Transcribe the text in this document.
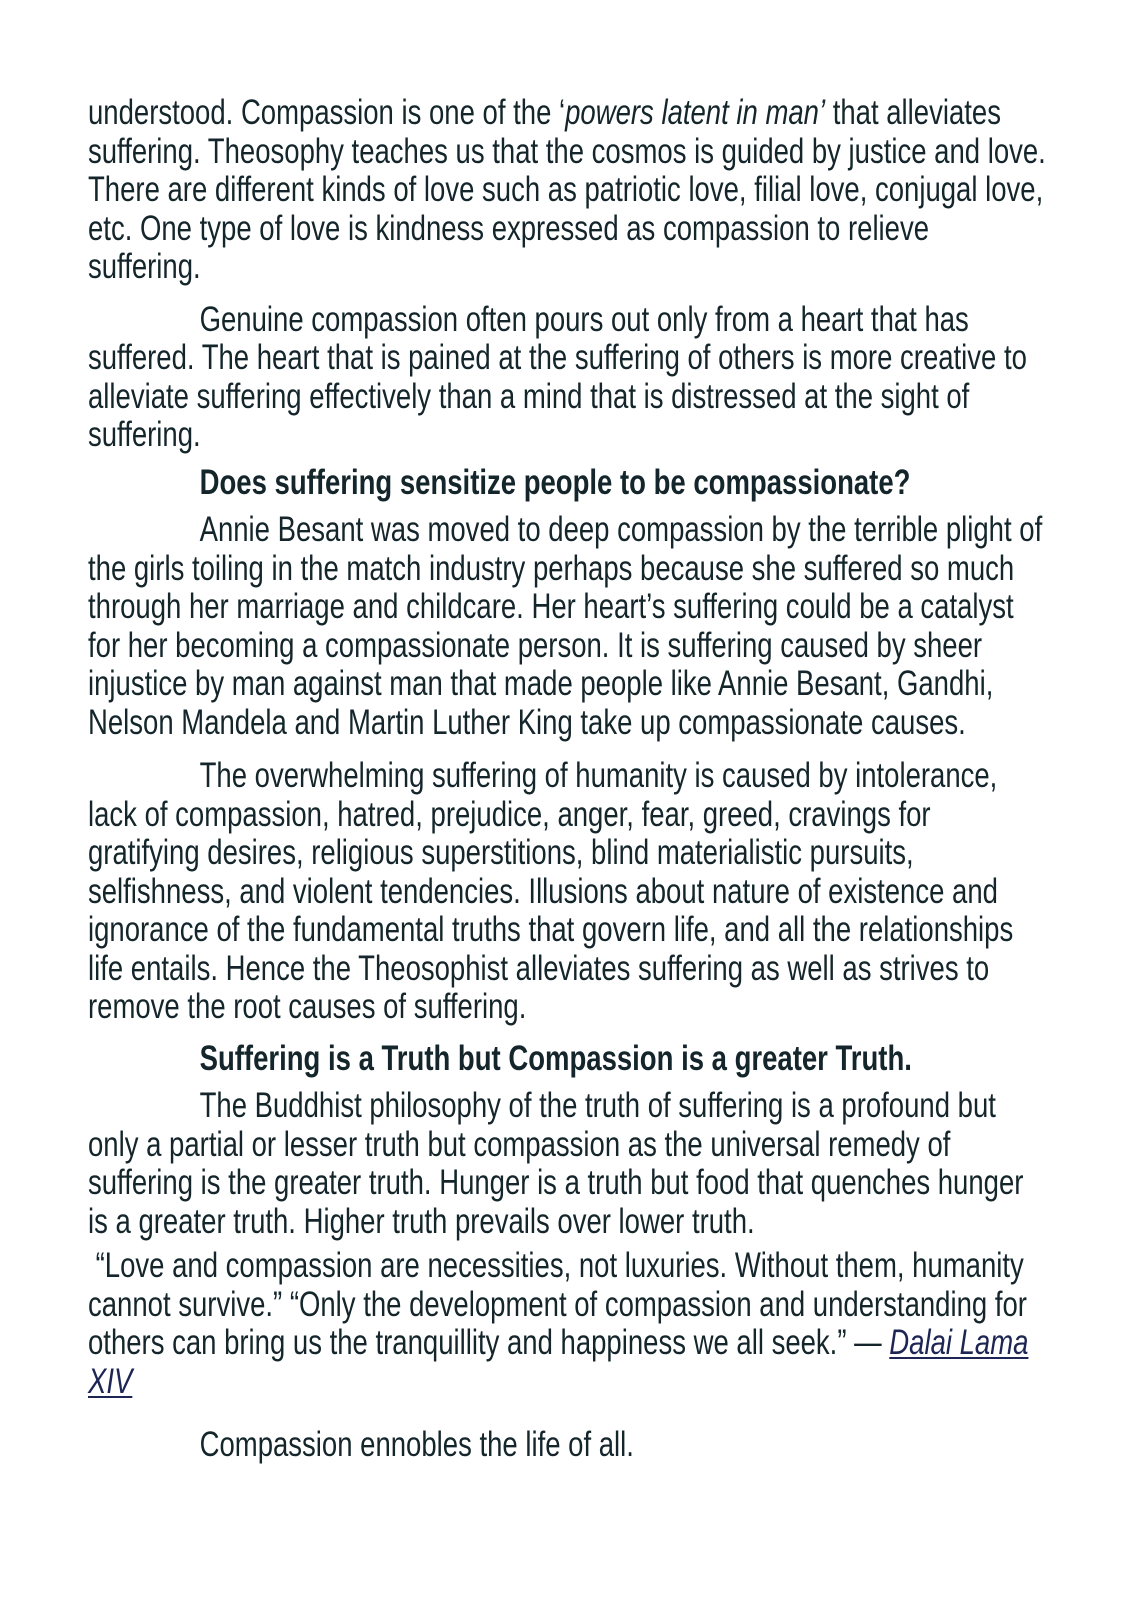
understood. Compassion is one of the ‘powers latent in man’ that alleviates suffering. Theosophy teaches us that the cosmos is guided by justice and love. There are different kinds of love such as patriotic love, filial love, conjugal love, etc. One type of love is kindness expressed as compassion to relieve suffering.

Genuine compassion often pours out only from a heart that has suffered. The heart that is pained at the suffering of others is more creative to alleviate suffering effectively than a mind that is distressed at the sight of suffering.

Does suffering sensitize people to be compassionate?

Annie Besant was moved to deep compassion by the terrible plight of the girls toiling in the match industry perhaps because she suffered so much through her marriage and childcare. Her heart’s suffering could be a catalyst for her becoming a compassionate person. It is suffering caused by sheer injustice by man against man that made people like Annie Besant, Gandhi, Nelson Mandela and Martin Luther King take up compassionate causes.

The overwhelming suffering of humanity is caused by intolerance, lack of compassion, hatred, prejudice, anger, fear, greed, cravings for gratifying desires, religious superstitions, blind materialistic pursuits, selfishness, and violent tendencies. Illusions about nature of existence and ignorance of the fundamental truths that govern life, and all the relationships life entails. Hence the Theosophist alleviates suffering as well as strives to remove the root causes of suffering.

Suffering is a Truth but Compassion is a greater Truth.

The Buddhist philosophy of the truth of suffering is a profound but only a partial or lesser truth but compassion as the universal remedy of suffering is the greater truth. Hunger is a truth but food that quenches hunger is a greater truth. Higher truth prevails over lower truth.

“Love and compassion are necessities, not luxuries. Without them, humanity cannot survive.” “Only the development of compassion and understanding for others can bring us the tranquillity and happiness we all seek.” — Dalai Lama XIV

Compassion ennobles the life of all.
